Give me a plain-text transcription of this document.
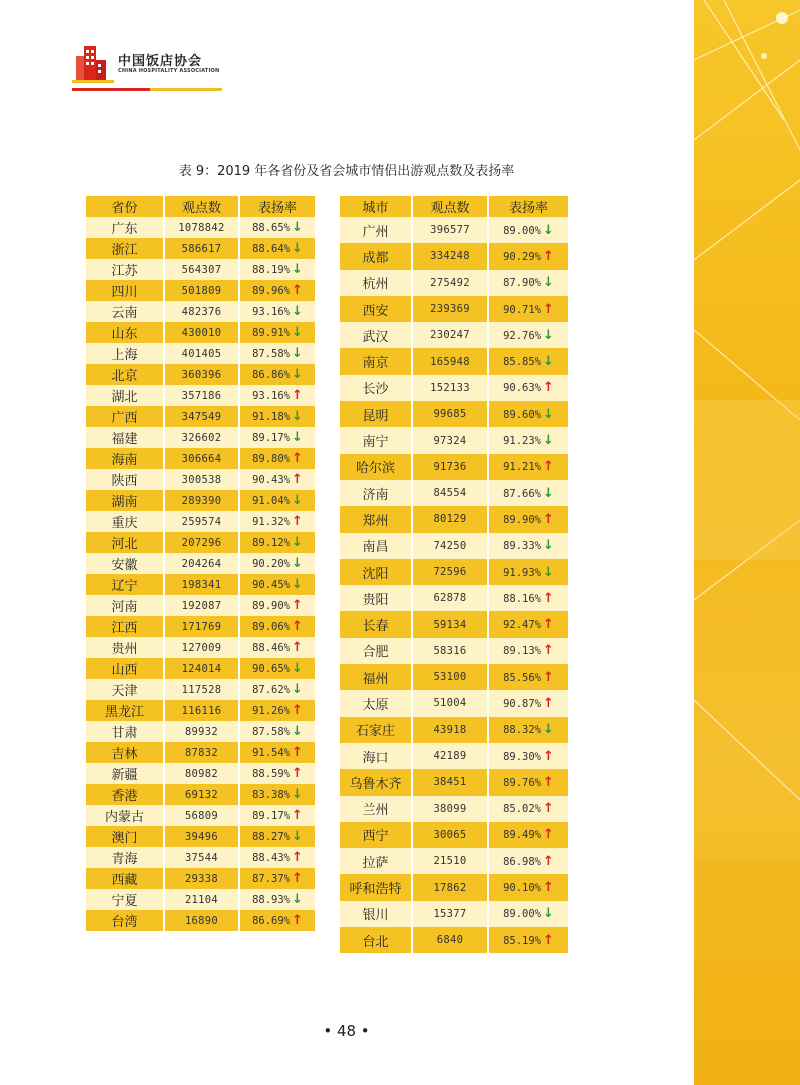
中国饭店协会
CHINA HOSPITALITY ASSOCIATION
表 9：2019 年各省份及省会城市情侣出游观点数及表扬率
省份	观点数	表扬率
广东	1078842	88.65% ↓
浙江	586617	88.64% ↓
江苏	564307	88.19% ↓
四川	501809	89.96% ↑
云南	482376	93.16% ↓
山东	430010	89.91% ↓
上海	401405	87.58% ↓
北京	360396	86.86% ↓
湖北	357186	93.16% ↑
广西	347549	91.18% ↓
福建	326602	89.17% ↓
海南	306664	89.80% ↑
陕西	300538	90.43% ↑
湖南	289390	91.04% ↓
重庆	259574	91.32% ↑
河北	207296	89.12% ↓
安徽	204264	90.20% ↓
辽宁	198341	90.45% ↓
河南	192087	89.90% ↑
江西	171769	89.06% ↑
贵州	127009	88.46% ↑
山西	124014	90.65% ↓
天津	117528	87.62% ↓
黑龙江	116116	91.26% ↑
甘肃	89932	87.58% ↓
吉林	87832	91.54% ↑
新疆	80982	88.59% ↑
香港	69132	83.38% ↓
内蒙古	56809	89.17% ↑
澳门	39496	88.27% ↓
青海	37544	88.43% ↑
西藏	29338	87.37% ↑
宁夏	21104	88.93% ↓
台湾	16890	86.69% ↑
城市	观点数	表扬率
广州	396577	89.00% ↓
成都	334248	90.29% ↑
杭州	275492	87.90% ↓
西安	239369	90.71% ↑
武汉	230247	92.76% ↓
南京	165948	85.85% ↓
长沙	152133	90.63% ↑
昆明	99685	89.60% ↓
南宁	97324	91.23% ↓
哈尔滨	91736	91.21% ↑
济南	84554	87.66% ↓
郑州	80129	89.90% ↑
南昌	74250	89.33% ↓
沈阳	72596	91.93% ↓
贵阳	62878	88.16% ↑
长春	59134	92.47% ↑
合肥	58316	89.13% ↑
福州	53100	85.56% ↑
太原	51004	90.87% ↑
石家庄	43918	88.32% ↓
海口	42189	89.30% ↑
乌鲁木齐	38451	89.76% ↑
兰州	38099	85.02% ↑
西宁	30065	89.49% ↑
拉萨	21510	86.98% ↑
呼和浩特	17862	90.10% ↑
银川	15377	89.00% ↓
台北	6840	85.19% ↑
• 48 •
